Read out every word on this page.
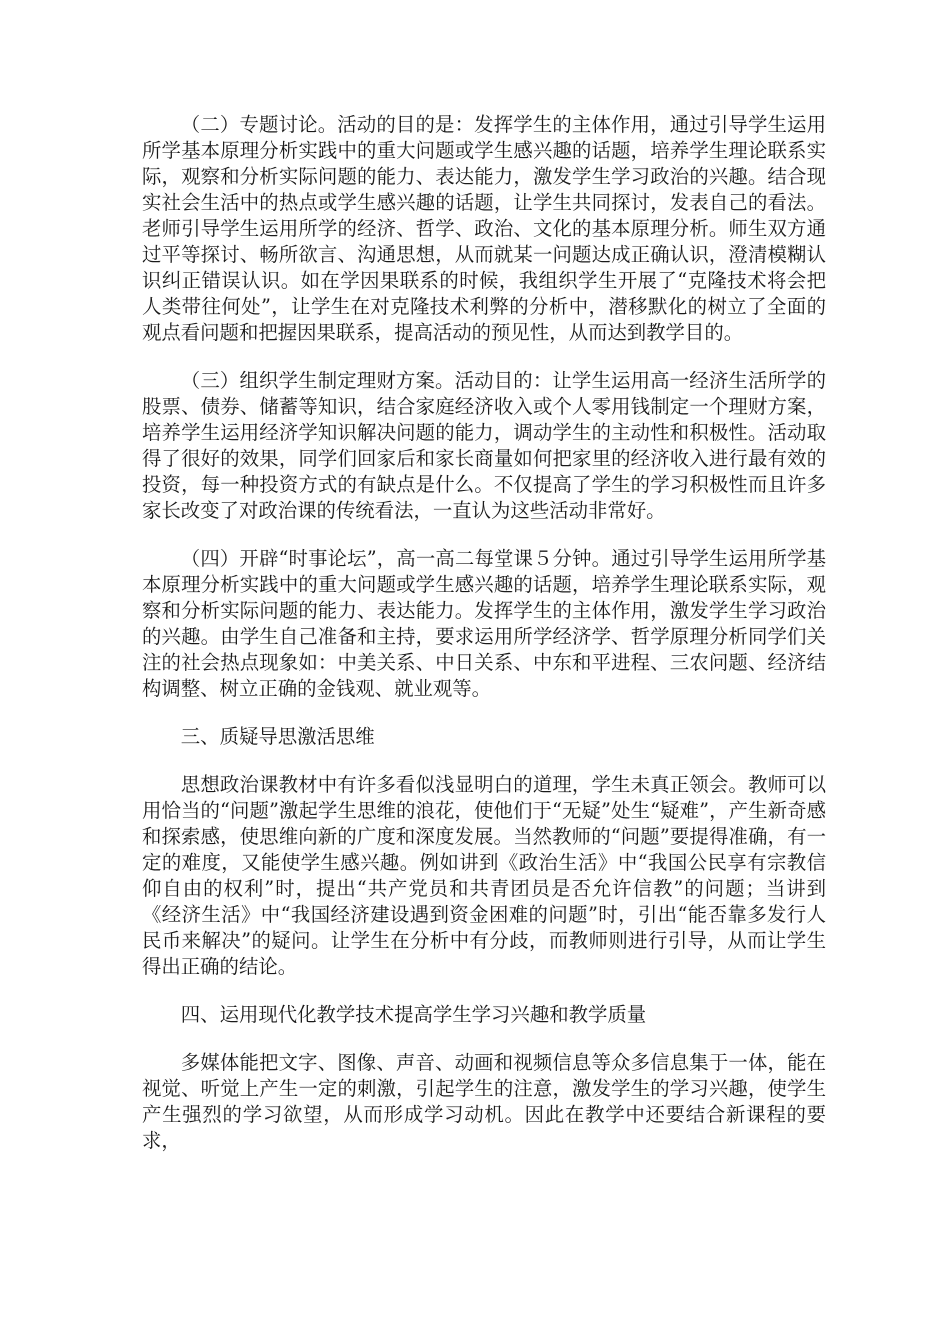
（二）专题讨论。活动的目的是：发挥学生的主体作用，通过引导学生运用所学基本原理分析实践中的重大问题或学生感兴趣的话题，培养学生理论联系实际，观察和分析实际问题的能力、表达能力，激发学生学习政治的兴趣。结合现实社会生活中的热点或学生感兴趣的话题，让学生共同探讨，发表自己的看法。老师引导学生运用所学的经济、哲学、政治、文化的基本原理分析。师生双方通过平等探讨、畅所欲言、沟通思想，从而就某一问题达成正确认识，澄清模糊认识纠正错误认识。如在学因果联系的时候，我组织学生开展了“克隆技术将会把人类带往何处”，让学生在对克隆技术利弊的分析中，潜移默化的树立了全面的观点看问题和把握因果联系，提高活动的预见性，从而达到教学目的。

（三）组织学生制定理财方案。活动目的：让学生运用高一经济生活所学的股票、债券、储蓄等知识，结合家庭经济收入或个人零用钱制定一个理财方案，培养学生运用经济学知识解决问题的能力，调动学生的主动性和积极性。活动取得了很好的效果，同学们回家后和家长商量如何把家里的经济收入进行最有效的投资，每一种投资方式的有缺点是什么。不仅提高了学生的学习积极性而且许多家长改变了对政治课的传统看法，一直认为这些活动非常好。

（四）开辟“时事论坛”，高一高二每堂课５分钟。通过引导学生运用所学基本原理分析实践中的重大问题或学生感兴趣的话题，培养学生理论联系实际，观察和分析实际问题的能力、表达能力。发挥学生的主体作用，激发学生学习政治的兴趣。由学生自己准备和主持，要求运用所学经济学、哲学原理分析同学们关注的社会热点现象如：中美关系、中日关系、中东和平进程、三农问题、经济结构调整、树立正确的金钱观、就业观等。

三、质疑导思激活思维

思想政治课教材中有许多看似浅显明白的道理，学生未真正领会。教师可以用恰当的“问题”激起学生思维的浪花，使他们于“无疑”处生“疑难”，产生新奇感和探索感，使思维向新的广度和深度发展。当然教师的“问题”要提得准确，有一定的难度，又能使学生感兴趣。例如讲到《政治生活》中“我国公民享有宗教信仰自由的权利”时，提出“共产党员和共青团员是否允许信教”的问题；当讲到《经济生活》中“我国经济建设遇到资金困难的问题”时，引出“能否靠多发行人民币来解决”的疑问。让学生在分析中有分歧，而教师则进行引导，从而让学生得出正确的结论。

四、运用现代化教学技术提高学生学习兴趣和教学质量

多媒体能把文字、图像、声音、动画和视频信息等众多信息集于一体，能在视觉、听觉上产生一定的刺激，引起学生的注意，激发学生的学习兴趣，使学生产生强烈的学习欲望，从而形成学习动机。因此在教学中还要结合新课程的要求，
